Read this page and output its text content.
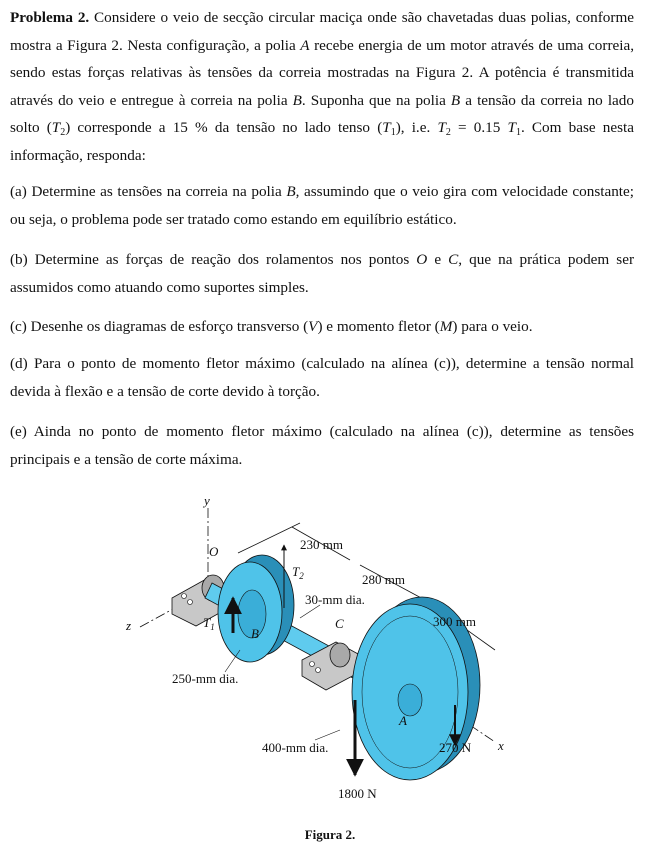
Problema 2. Considere o veio de secção circular maciça onde são chavetadas duas polias, conforme mostra a Figura 2. Nesta configuração, a polia A recebe energia de um motor através de uma correia, sendo estas forças relativas às tensões da correia mostradas na Figura 2. A potência é transmitida através do veio e entregue à correia na polia B. Suponha que na polia B a tensão da correia no lado solto $(T_2)$ corresponde a 15 % da tensão no lado tenso $(T_1)$, i.e. $T_2 = 0.15$ $T_1$. Com base nesta informação, responda:

(a) Determine as tensões na correia na polia B, assumindo que o veio gira com velocidade constante; ou seja, o problema pode ser tratado como estando em equilíbrio estático.

(b) Determine as forças de reação dos rolamentos nos pontos O e C, que na prática podem ser assumidos como atuando como suportes simples.

(c) Desenhe os diagramas de esforço transverso (V) e momento fletor (M) para o veio.

(d) Para o ponto de momento fletor máximo (calculado na alínea (c)), determine a tensão normal devida à flexão e a tensão de corte devido à torção.

(e) Ainda no ponto de momento fletor máximo (calculado na alínea (c)), determine as tensões principais e a tensão de corte máxima.

y
z
x
O
B
C
A
$T_1$
$T_2$
230 mm
280 mm
300 mm
30-mm dia.
250-mm dia.
400-mm dia.	270 N
1800 N
Figura 2.
